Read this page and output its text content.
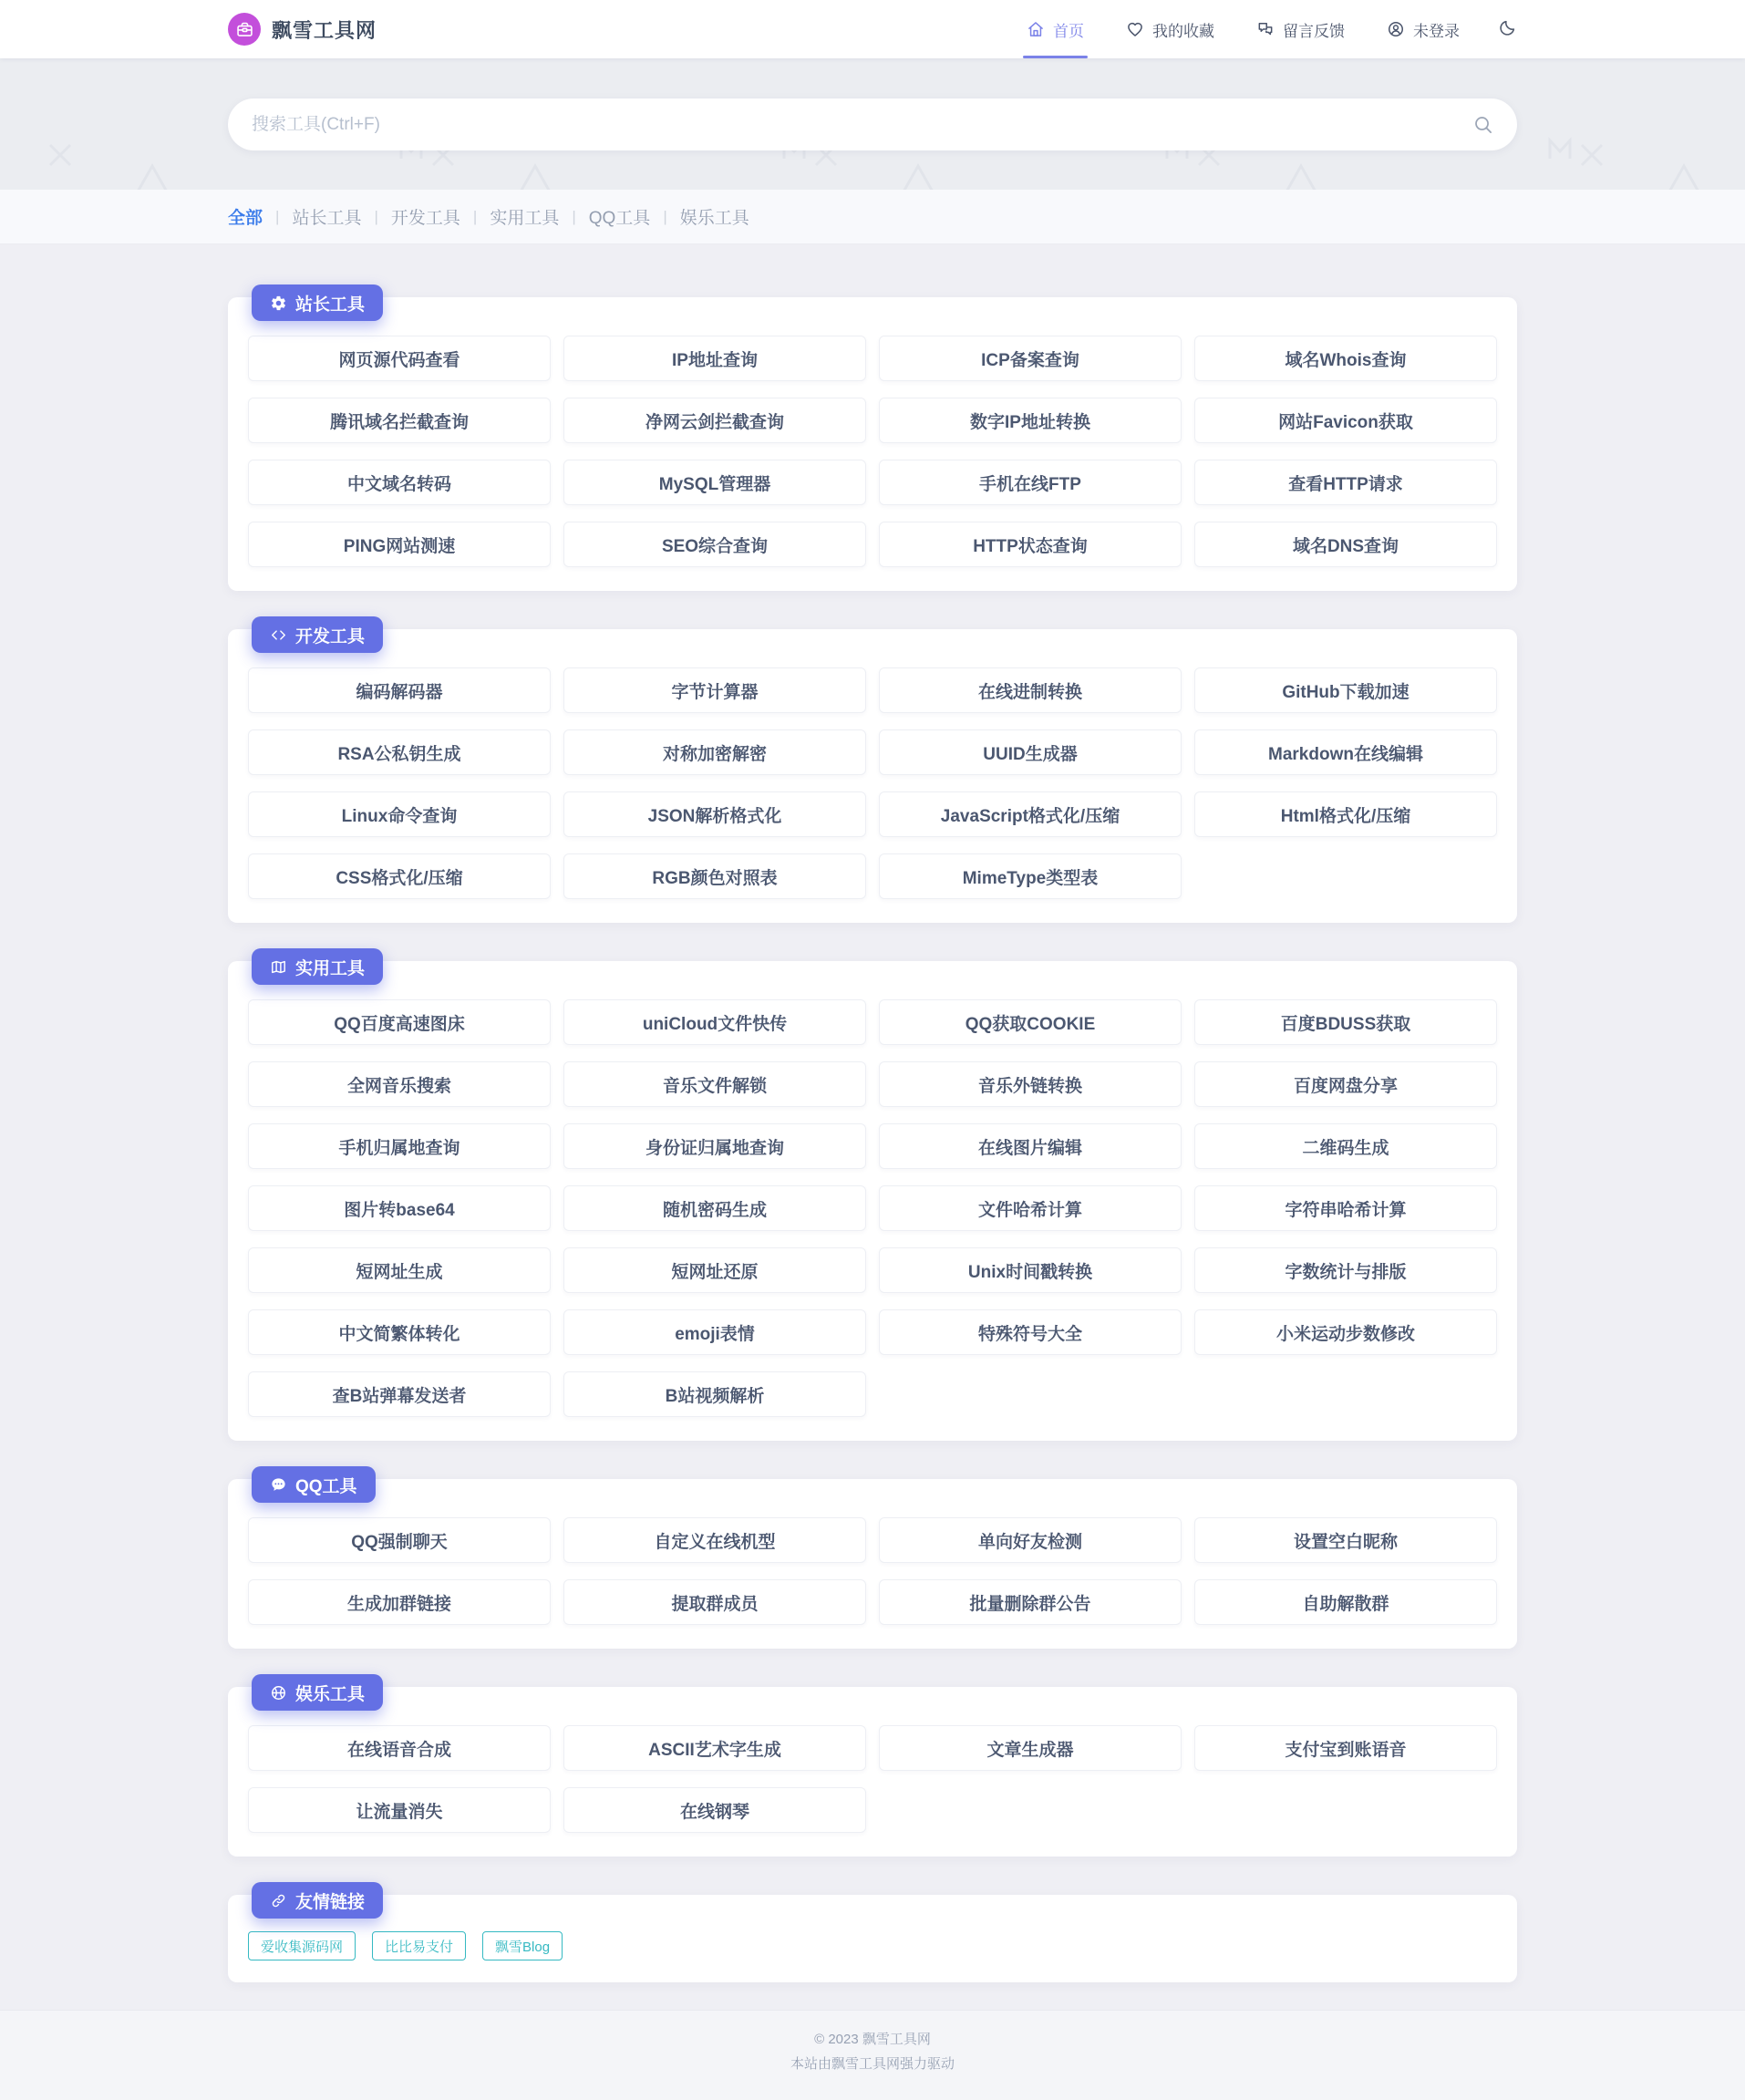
飘雪工具网	首页	我的收藏	留言反馈	未登录
搜索工具(Ctrl+F)
全部 | 站长工具 | 开发工具 | 实用工具 | QQ工具 | 娱乐工具
站长工具
网页源代码查看	IP地址查询	ICP备案查询	域名Whois查询
腾讯域名拦截查询	净网云剑拦截查询	数字IP地址转换	网站Favicon获取
中文域名转码	MySQL管理器	手机在线FTP	查看HTTP请求
PING网站测速	SEO综合查询	HTTP状态查询	域名DNS查询
开发工具
编码解码器	字节计算器	在线进制转换	GitHub下载加速
RSA公私钥生成	对称加密解密	UUID生成器	Markdown在线编辑
Linux命令查询	JSON解析格式化	JavaScript格式化/压缩	Html格式化/压缩
CSS格式化/压缩	RGB颜色对照表	MimeType类型表
实用工具
QQ百度高速图床	uniCloud文件快传	QQ获取COOKIE	百度BDUSS获取
全网音乐搜索	音乐文件解锁	音乐外链转换	百度网盘分享
手机归属地查询	身份证归属地查询	在线图片编辑	二维码生成
图片转base64	随机密码生成	文件哈希计算	字符串哈希计算
短网址生成	短网址还原	Unix时间戳转换	字数统计与排版
中文简繁体转化	emoji表情	特殊符号大全	小米运动步数修改
查B站弹幕发送者	B站视频解析
QQ工具
QQ强制聊天	自定义在线机型	单向好友检测	设置空白昵称
生成加群链接	提取群成员	批量删除群公告	自助解散群
娱乐工具
在线语音合成	ASCII艺术字生成	文章生成器	支付宝到账语音
让流量消失	在线钢琴
友情链接
爱收集源码网	比比易支付	飘雪Blog

© 2023 飘雪工具网

本站由飘雪工具网强力驱动
